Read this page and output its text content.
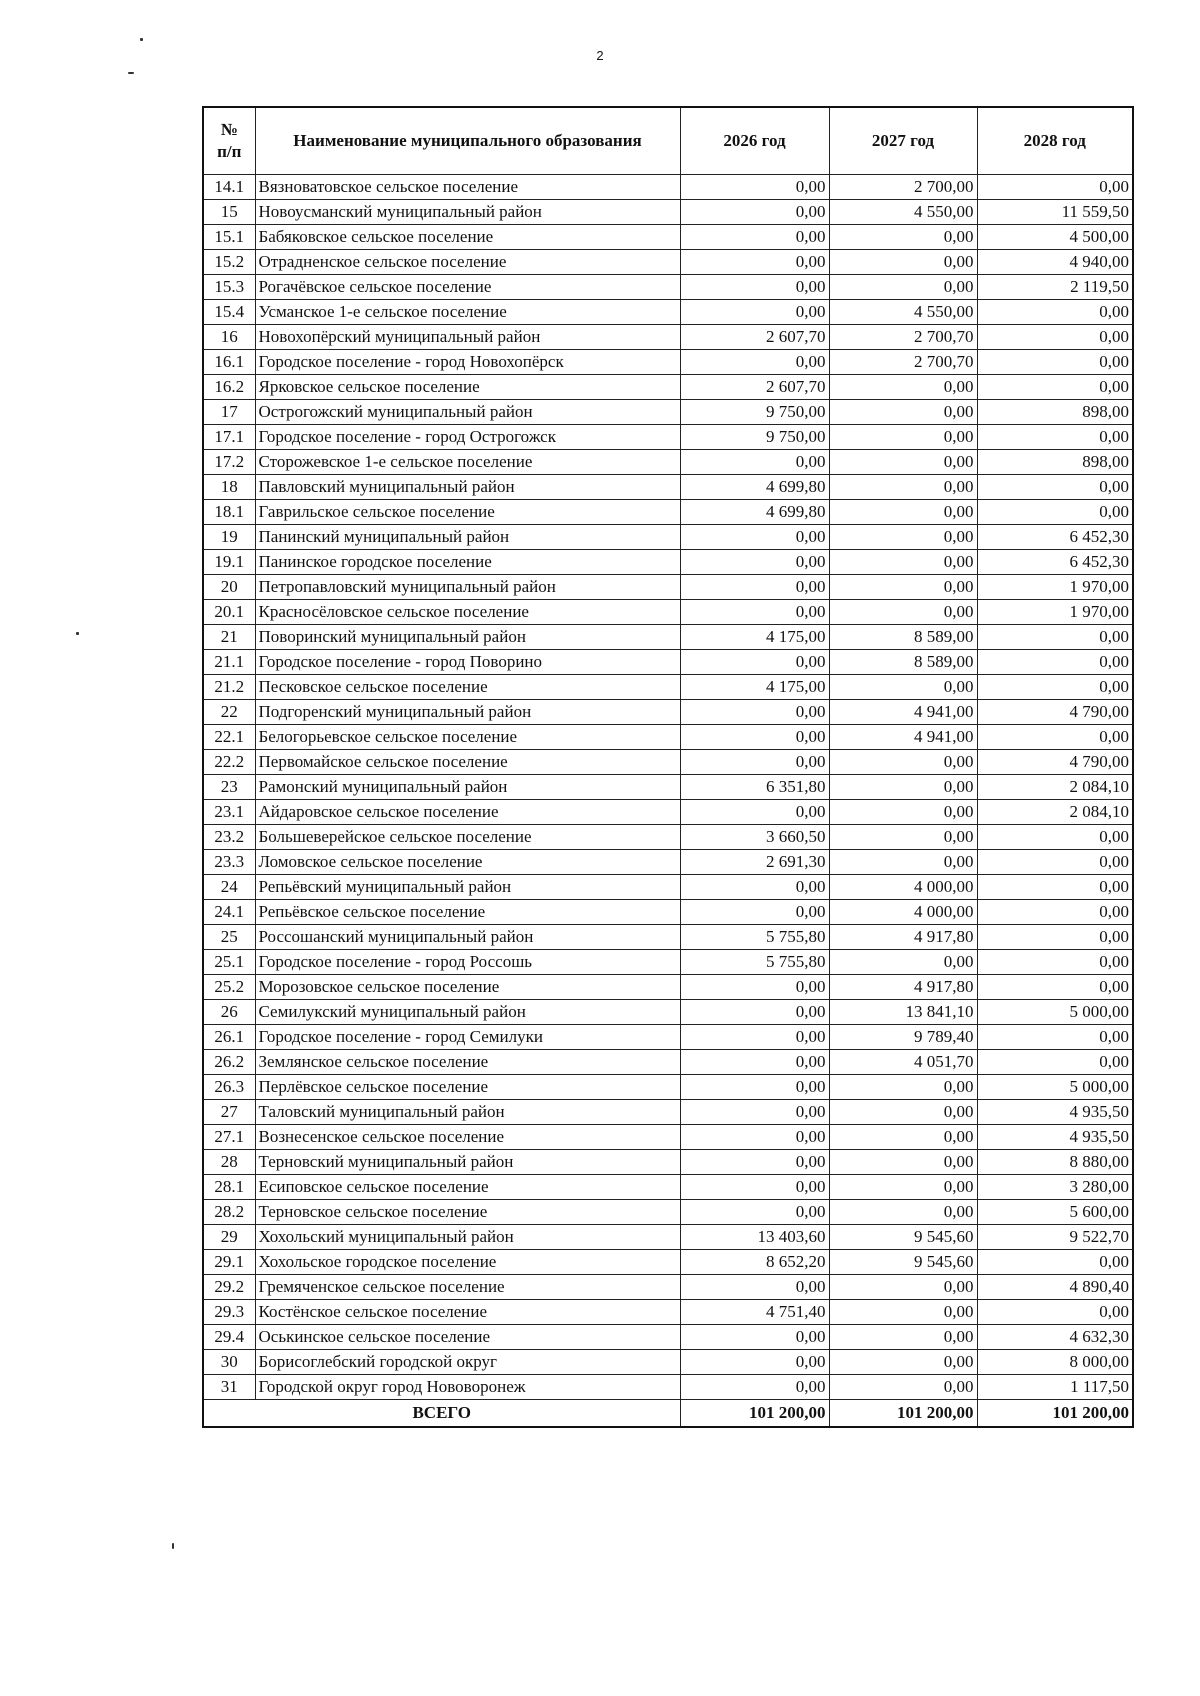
2
№
п/п	Наименование муниципального образования	2026 год	2027 год	2028 год
14.1	Вязноватовское сельское поселение	0,00	2 700,00	0,00
15	Новоусманский муниципальный район	0,00	4 550,00	11 559,50
15.1	Бабяковское сельское поселение	0,00	0,00	4 500,00
15.2	Отрадненское сельское поселение	0,00	0,00	4 940,00
15.3	Рогачёвское сельское поселение	0,00	0,00	2 119,50
15.4	Усманское 1-е сельское поселение	0,00	4 550,00	0,00
16	Новохопёрский муниципальный район	2 607,70	2 700,70	0,00
16.1	Городское поселение - город Новохопёрск	0,00	2 700,70	0,00
16.2	Ярковское сельское поселение	2 607,70	0,00	0,00
17	Острогожский муниципальный район	9 750,00	0,00	898,00
17.1	Городское поселение - город Острогожск	9 750,00	0,00	0,00
17.2	Сторожевское 1-е сельское поселение	0,00	0,00	898,00
18	Павловский муниципальный район	4 699,80	0,00	0,00
18.1	Гаврильское сельское поселение	4 699,80	0,00	0,00
19	Панинский муниципальный район	0,00	0,00	6 452,30
19.1	Панинское городское поселение	0,00	0,00	6 452,30
20	Петропавловский муниципальный район	0,00	0,00	1 970,00
20.1	Красносёловское сельское поселение	0,00	0,00	1 970,00
21	Поворинский муниципальный район	4 175,00	8 589,00	0,00
21.1	Городское поселение - город Поворино	0,00	8 589,00	0,00
21.2	Песковское сельское поселение	4 175,00	0,00	0,00
22	Подгоренский муниципальный район	0,00	4 941,00	4 790,00
22.1	Белогорьевское сельское поселение	0,00	4 941,00	0,00
22.2	Первомайское сельское поселение	0,00	0,00	4 790,00
23	Рамонский муниципальный район	6 351,80	0,00	2 084,10
23.1	Айдаровское сельское поселение	0,00	0,00	2 084,10
23.2	Большеверейское сельское поселение	3 660,50	0,00	0,00
23.3	Ломовское сельское поселение	2 691,30	0,00	0,00
24	Репьёвский муниципальный район	0,00	4 000,00	0,00
24.1	Репьёвское сельское поселение	0,00	4 000,00	0,00
25	Россошанский муниципальный район	5 755,80	4 917,80	0,00
25.1	Городское поселение - город Россошь	5 755,80	0,00	0,00
25.2	Морозовское сельское поселение	0,00	4 917,80	0,00
26	Семилукский муниципальный район	0,00	13 841,10	5 000,00
26.1	Городское поселение - город Семилуки	0,00	9 789,40	0,00
26.2	Землянское сельское поселение	0,00	4 051,70	0,00
26.3	Перлёвское сельское поселение	0,00	0,00	5 000,00
27	Таловский муниципальный район	0,00	0,00	4 935,50
27.1	Вознесенское сельское поселение	0,00	0,00	4 935,50
28	Терновский муниципальный район	0,00	0,00	8 880,00
28.1	Есиповское сельское поселение	0,00	0,00	3 280,00
28.2	Терновское сельское поселение	0,00	0,00	5 600,00
29	Хохольский муниципальный район	13 403,60	9 545,60	9 522,70
29.1	Хохольское городское поселение	8 652,20	9 545,60	0,00
29.2	Гремяченское сельское поселение	0,00	0,00	4 890,40
29.3	Костёнское сельское поселение	4 751,40	0,00	0,00
29.4	Оськинское сельское поселение	0,00	0,00	4 632,30
30	Борисоглебский городской округ	0,00	0,00	8 000,00
31	Городской округ город Нововоронеж	0,00	0,00	1 117,50
ВСЕГО		101 200,00	101 200,00	101 200,00
